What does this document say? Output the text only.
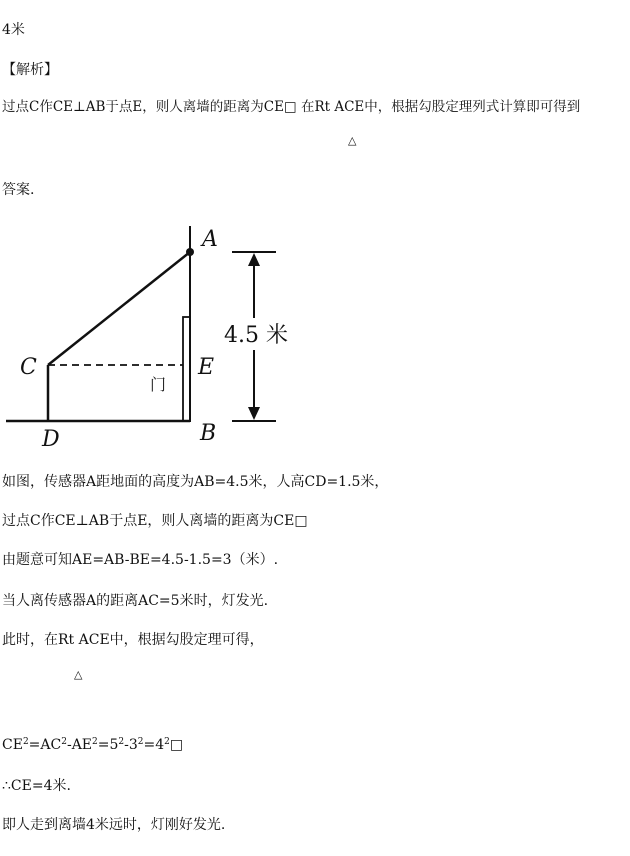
4米
【解析】
过点C作CE⊥AB于点E，则人离墙的距离为CE□ 在Rt ACE中，根据勾股定理列式计算即可得到
△
答案.
A
C	E
D	B
门
4.5 米
如图，传感器A距地面的高度为AB=4.5米，人高CD=1.5米，
过点C作CE⊥AB于点E，则人离墙的距离为CE□
由题意可知AE=AB-BE=4.5-1.5=3（米）.
当人离传感器A的距离AC=5米时，灯发光.
此时，在Rt ACE中，根据勾股定理可得，
△
$CE^2=AC^2-AE^2=5^2-3^2=4^2□$
∴CE=4米.
即人走到离墙4米远时，灯刚好发光.
